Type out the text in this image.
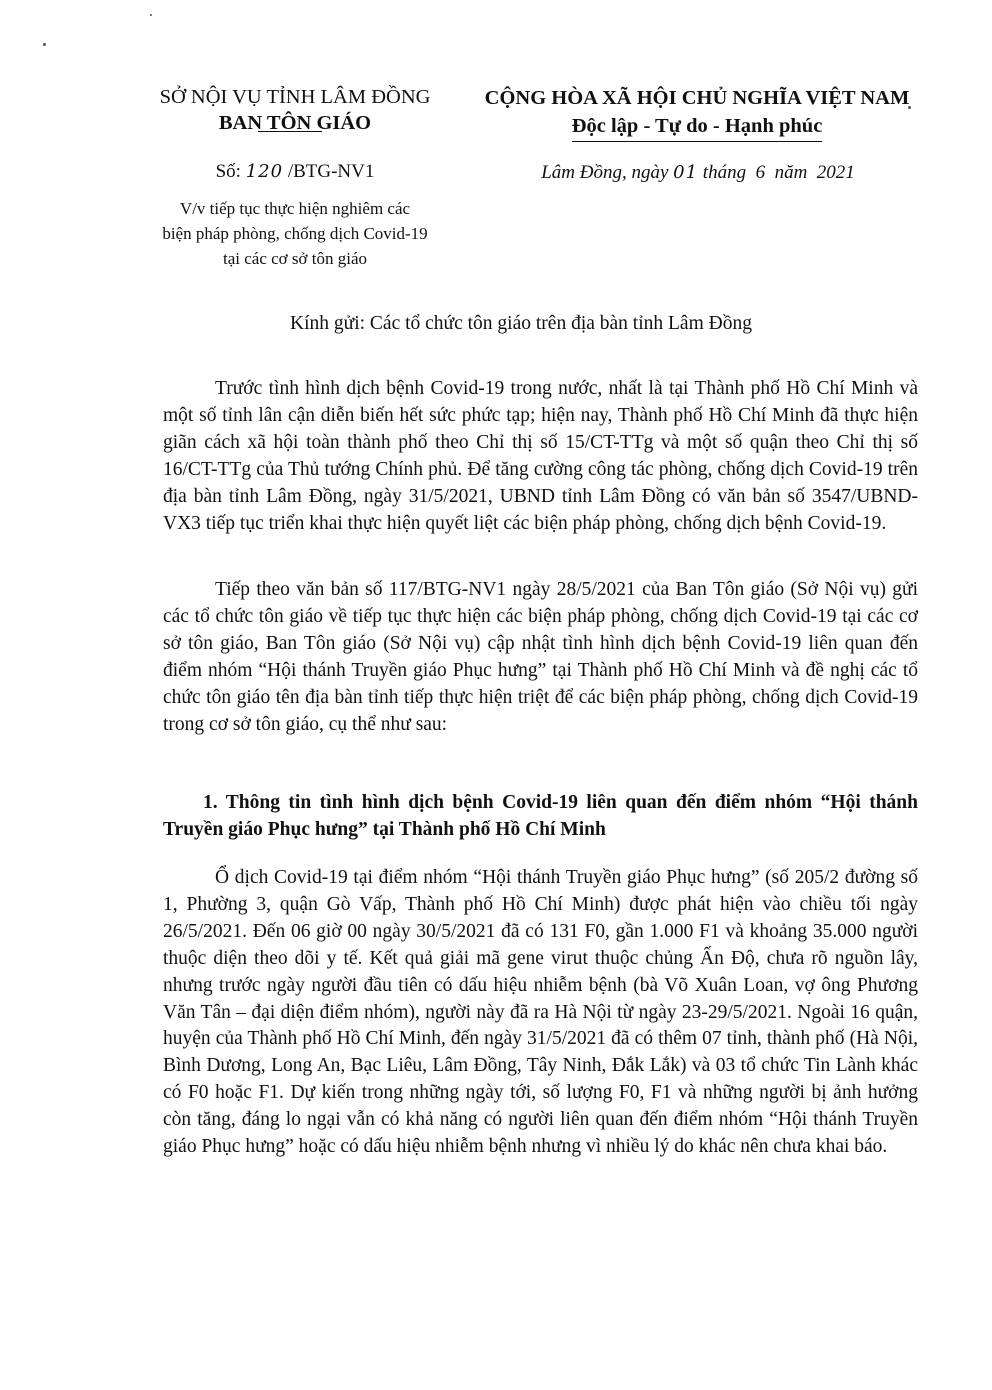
SỞ NỘI VỤ TỈNH LÂM ĐỒNG
BAN TÔN GIÁO
CỘNG HÒA XÃ HỘI CHỦ NGHĨA VIỆT NAM
Độc lập - Tự do - Hạnh phúc
Số: 120 /BTG-NV1	Lâm Đồng, ngày 01 tháng  6  năm  2021
V/v tiếp tục thực hiện nghiêm các
biện pháp phòng, chống dịch Covid-19
tại các cơ sở tôn giáo
Kính gửi: Các tổ chức tôn giáo trên địa bàn tỉnh Lâm Đồng
Trước tình hình dịch bệnh Covid-19 trong nước, nhất là tại Thành phố Hồ Chí Minh và một số tỉnh lân cận diễn biến hết sức phức tạp; hiện nay, Thành phố Hồ Chí Minh đã thực hiện giãn cách xã hội toàn thành phố theo Chỉ thị số 15/CT-TTg và một số quận theo Chỉ thị số 16/CT-TTg của Thủ tướng Chính phủ. Để tăng cường công tác phòng, chống dịch Covid-19 trên địa bàn tỉnh Lâm Đồng, ngày 31/5/2021, UBND tỉnh Lâm Đồng có văn bản số 3547/UBND-VX3 tiếp tục triển khai thực hiện quyết liệt các biện pháp phòng, chống dịch bệnh Covid-19.
Tiếp theo văn bản số 117/BTG-NV1 ngày 28/5/2021 của Ban Tôn giáo (Sở Nội vụ) gửi các tổ chức tôn giáo về tiếp tục thực hiện các biện pháp phòng, chống dịch Covid-19 tại các cơ sở tôn giáo, Ban Tôn giáo (Sở Nội vụ) cập nhật tình hình dịch bệnh Covid-19 liên quan đến điểm nhóm “Hội thánh Truyền giáo Phục hưng” tại Thành phố Hồ Chí Minh và đề nghị các tổ chức tôn giáo tên địa bàn tỉnh tiếp thực hiện triệt để các biện pháp phòng, chống dịch Covid-19 trong cơ sở tôn giáo, cụ thể như sau:
1. Thông tin tình hình dịch bệnh Covid-19 liên quan đến điểm nhóm “Hội thánh Truyền giáo Phục hưng” tại Thành phố Hồ Chí Minh
Ổ dịch Covid-19 tại điểm nhóm “Hội thánh Truyền giáo Phục hưng” (số 205/2 đường số 1, Phường 3, quận Gò Vấp, Thành phố Hồ Chí Minh) được phát hiện vào chiều tối ngày 26/5/2021. Đến 06 giờ 00 ngày 30/5/2021 đã có 131 F0, gần 1.000 F1 và khoảng 35.000 người thuộc diện theo dõi y tế. Kết quả giải mã gene virut thuộc chủng Ấn Độ, chưa rõ nguồn lây, nhưng trước ngày người đầu tiên có dấu hiệu nhiễm bệnh (bà Võ Xuân Loan, vợ ông Phương Văn Tân – đại diện điểm nhóm), người này đã ra Hà Nội từ ngày 23-29/5/2021. Ngoài 16 quận, huyện của Thành phố Hồ Chí Minh, đến ngày 31/5/2021 đã có thêm 07 tỉnh, thành phố (Hà Nội, Bình Dương, Long An, Bạc Liêu, Lâm Đồng, Tây Ninh, Đắk Lắk) và 03 tổ chức Tin Lành khác có F0 hoặc F1. Dự kiến trong những ngày tới, số lượng F0, F1 và những người bị ảnh hưởng còn tăng, đáng lo ngại vẫn có khả năng có người liên quan đến điểm nhóm “Hội thánh Truyền giáo Phục hưng” hoặc có dấu hiệu nhiễm bệnh nhưng vì nhiều lý do khác nên chưa khai báo.
